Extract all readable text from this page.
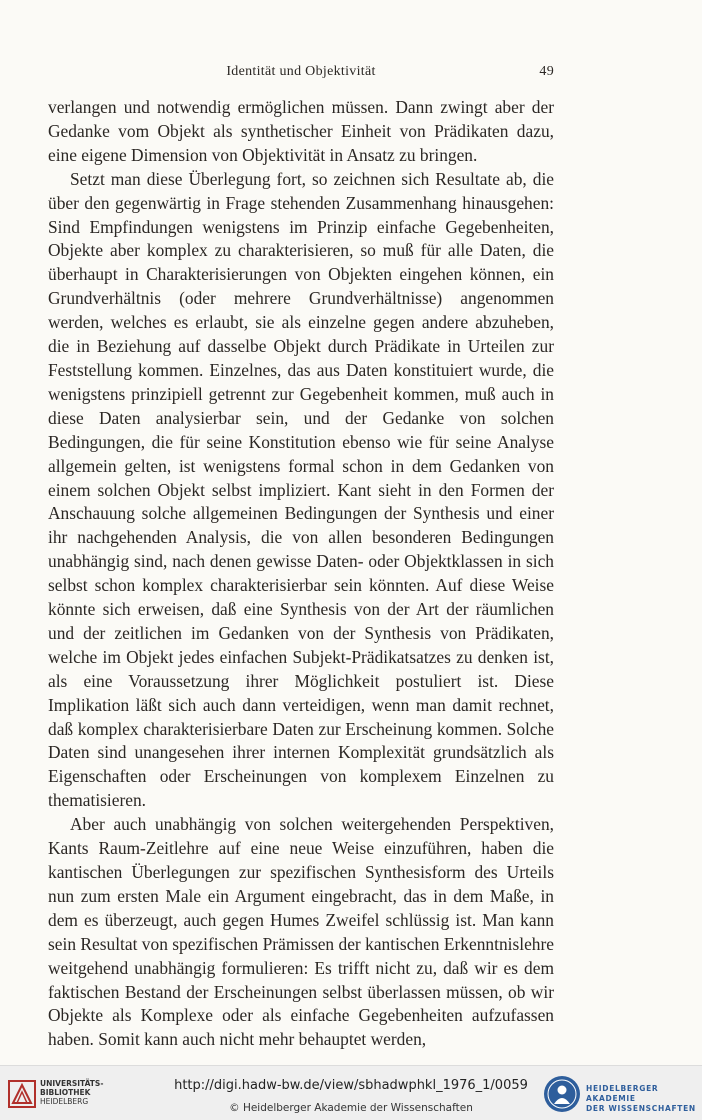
Identität und Objektivität	49

verlangen und notwendig ermöglichen müssen. Dann zwingt aber der Gedanke vom Objekt als synthetischer Einheit von Prädikaten dazu, eine eigene Dimension von Objektivität in Ansatz zu bringen.

Setzt man diese Überlegung fort, so zeichnen sich Resultate ab, die über den gegenwärtig in Frage stehenden Zusammenhang hinausgehen: Sind Empfindungen wenigstens im Prinzip einfache Gegebenheiten, Objekte aber komplex zu charakterisieren, so muß für alle Daten, die überhaupt in Charakterisierungen von Objekten eingehen können, ein Grundverhältnis (oder mehrere Grundverhältnisse) angenommen werden, welches es erlaubt, sie als einzelne gegen andere abzuheben, die in Beziehung auf dasselbe Objekt durch Prädikate in Urteilen zur Feststellung kommen. Einzelnes, das aus Daten konstituiert wurde, die wenigstens prinzipiell getrennt zur Gegebenheit kommen, muß auch in diese Daten analysierbar sein, und der Gedanke von solchen Bedingungen, die für seine Konstitution ebenso wie für seine Analyse allgemein gelten, ist wenigstens formal schon in dem Gedanken von einem solchen Objekt selbst impliziert. Kant sieht in den Formen der Anschauung solche allgemeinen Bedingungen der Synthesis und einer ihr nachgehenden Analysis, die von allen besonderen Bedingungen unabhängig sind, nach denen gewisse Daten- oder Objektklassen in sich selbst schon komplex charakterisierbar sein könnten. Auf diese Weise könnte sich erweisen, daß eine Synthesis von der Art der räumlichen und der zeitlichen im Gedanken von der Synthesis von Prädikaten, welche im Objekt jedes einfachen Subjekt-Prädikatsatzes zu denken ist, als eine Voraussetzung ihrer Möglichkeit postuliert ist. Diese Implikation läßt sich auch dann verteidigen, wenn man damit rechnet, daß komplex charakterisierbare Daten zur Erscheinung kommen. Solche Daten sind unangesehen ihrer internen Komplexität grundsätzlich als Eigenschaften oder Erscheinungen von komplexem Einzelnen zu thematisieren.

Aber auch unabhängig von solchen weitergehenden Perspektiven, Kants Raum-Zeitlehre auf eine neue Weise einzuführen, haben die kantischen Überlegungen zur spezifischen Synthesisform des Urteils nun zum ersten Male ein Argument eingebracht, das in dem Maße, in dem es überzeugt, auch gegen Humes Zweifel schlüssig ist. Man kann sein Resultat von spezifischen Prämissen der kantischen Erkenntnislehre weitgehend unabhängig formulieren: Es trifft nicht zu, daß wir es dem faktischen Bestand der Erscheinungen selbst überlassen müssen, ob wir Objekte als Komplexe oder als einfache Gegebenheiten aufzufassen haben. Somit kann auch nicht mehr behauptet werden,

UNIVERSITÄTS-
BIBLIOTHEK
HEIDELBERG
http://digi.hadw-bw.de/view/sbhadwphkl_1976_1/0059
© Heidelberger Akademie der Wissenschaften
HEIDELBERGER AKADEMIE
DER WISSENSCHAFTEN
